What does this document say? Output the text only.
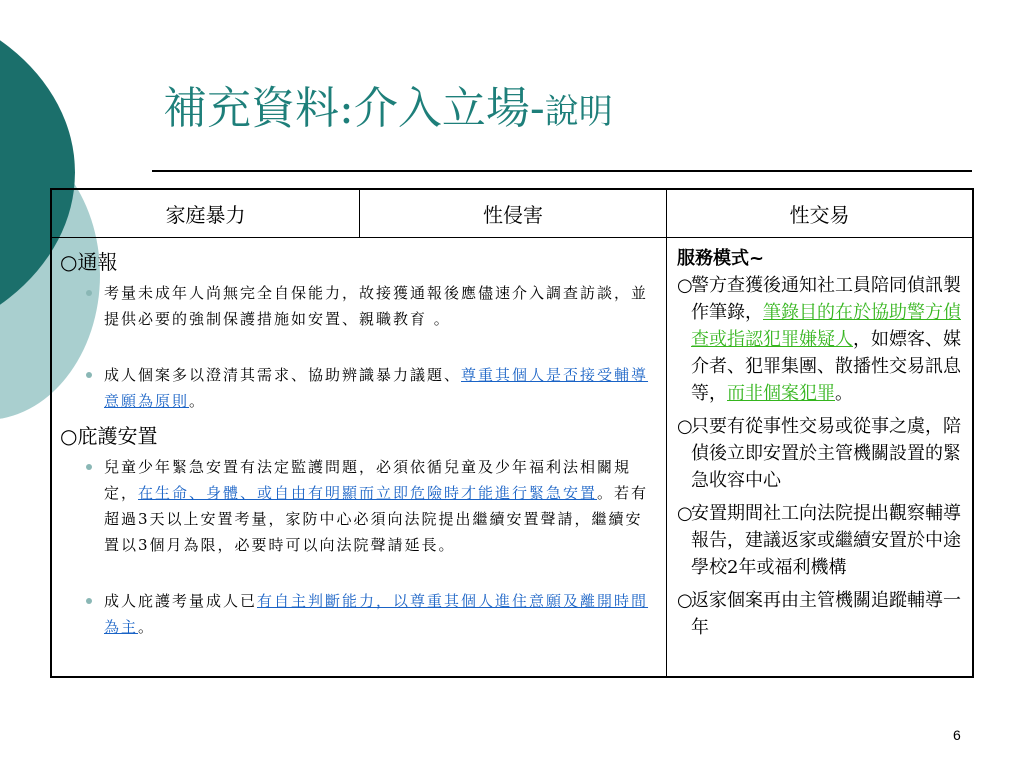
補充資料:介入立場-說明
家庭暴力	性侵害	性交易
○通報
考量未成年人尚無完全自保能力，故接獲通報後應儘速介入調查訪談，並提供必要的強制保護措施如安置、親職教育 。
成人個案多以澄清其需求、協助辨識暴力議題、尊重其個人是否接受輔導意願為原則。
○庇護安置
兒童少年緊急安置有法定監護問題，必須依循兒童及少年福利法相關規定，在生命、身體、或自由有明顯而立即危險時才能進行緊急安置。若有超過3天以上安置考量，家防中心必須向法院提出繼續安置聲請，繼續安置以3個月為限，必要時可以向法院聲請延長。
成人庇護考量成人已有自主判斷能力，以尊重其個人進住意願及離開時間為主。
服務模式~
○
警方查獲後通知社工員陪同偵訊製作筆錄，筆錄目的在於協助警方偵查或指認犯罪嫌疑人，如嫖客、媒介者、犯罪集團、散播性交易訊息等，而非個案犯罪。
○
只要有從事性交易或從事之虞，陪偵後立即安置於主管機關設置的緊急收容中心
○
安置期間社工向法院提出觀察輔導報告，建議返家或繼續安置於中途學校2年或福利機構
○
返家個案再由主管機關追蹤輔導一年
6
